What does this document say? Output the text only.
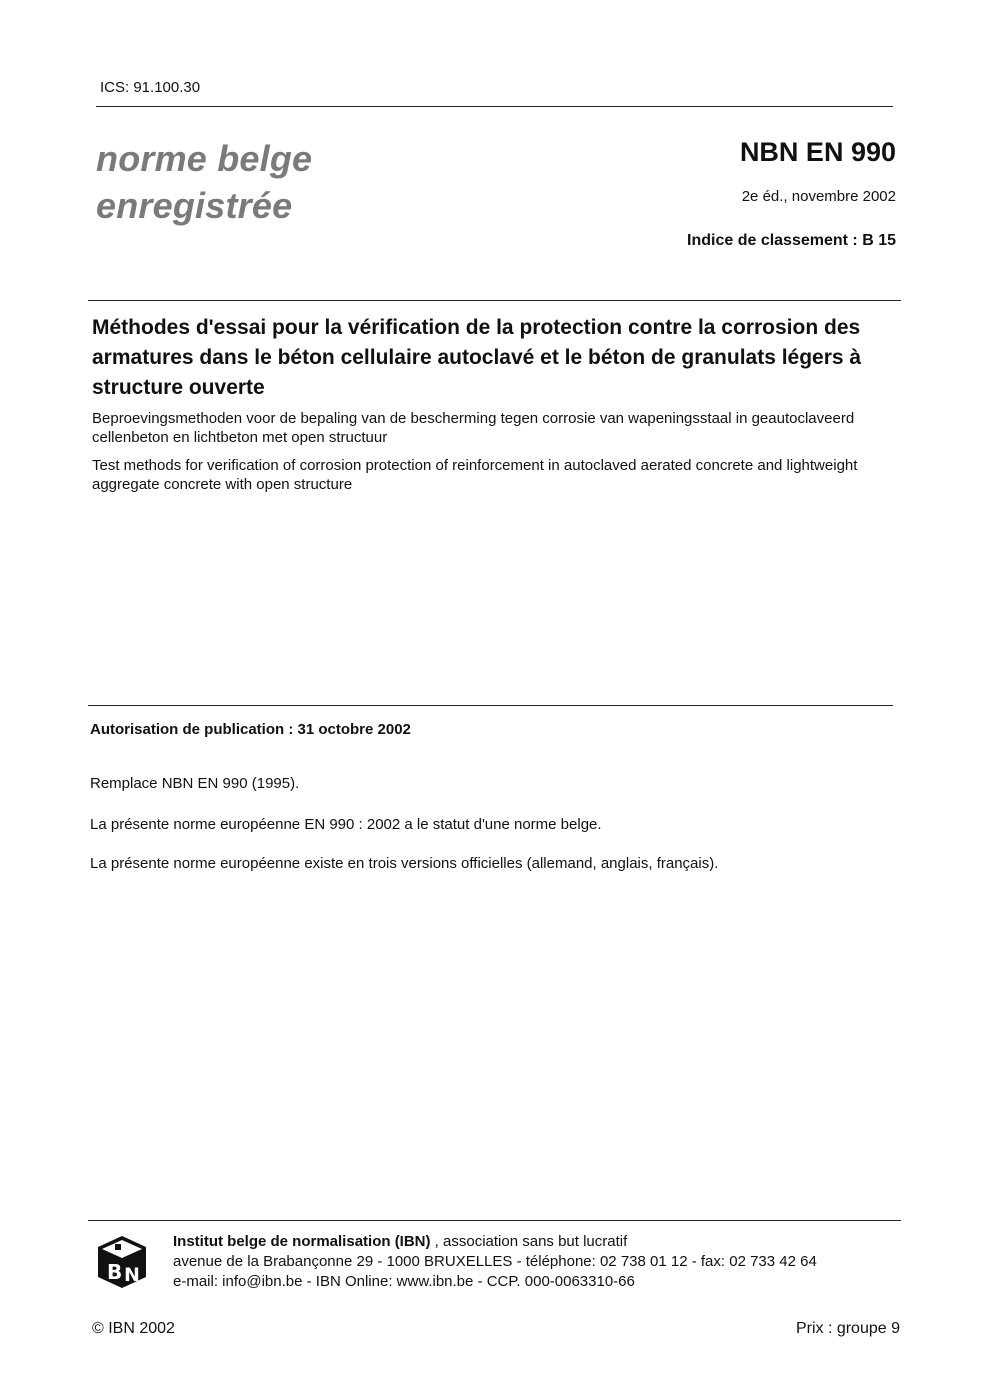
ICS: 91.100.30
norme belge
enregistrée
NBN EN 990
2e éd., novembre 2002
Indice de classement : B 15
Méthodes d'essai pour la vérification de la protection contre la corrosion des armatures dans le béton cellulaire autoclavé et le béton de granulats légers à structure ouverte
Beproevingsmethoden voor de bepaling van de bescherming tegen corrosie van wapeningsstaal in geautoclaveerd cellenbeton en lichtbeton met open structuur
Test methods for verification of corrosion protection of reinforcement in autoclaved aerated concrete and lightweight aggregate concrete with open structure
Autorisation de publication : 31 octobre 2002
Remplace NBN EN 990 (1995).
La présente norme européenne EN 990 : 2002 a le statut d'une norme belge.
La présente norme européenne existe en trois versions officielles (allemand, anglais, français).
B N
Institut belge de normalisation (IBN) , association sans but lucratif
avenue de la Brabançonne 29 - 1000 BRUXELLES - téléphone: 02 738 01 12 - fax: 02 733 42 64
e-mail: info@ibn.be - IBN Online: www.ibn.be - CCP. 000-0063310-66
© IBN 2002	Prix : groupe 9
